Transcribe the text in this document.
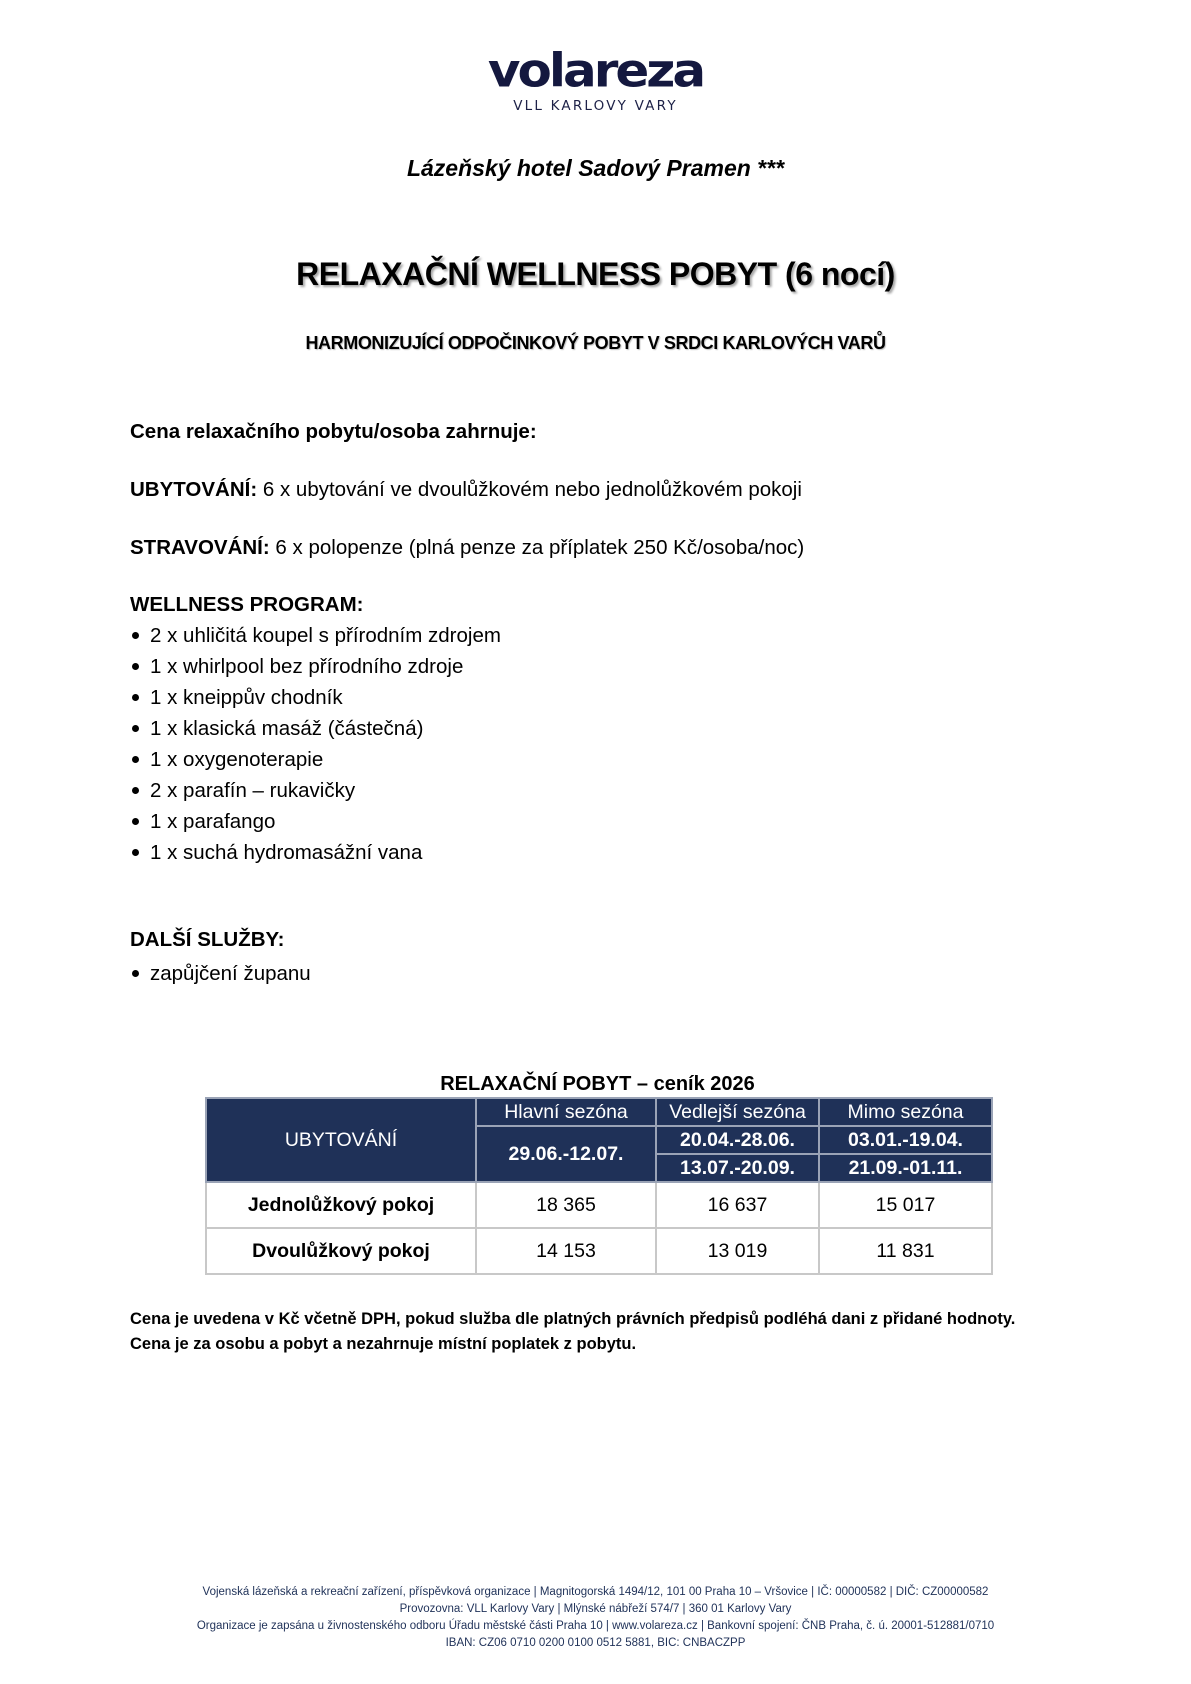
volareza
VLL KARLOVY VARY
Lázeňský hotel Sadový Pramen ***
RELAXAČNÍ WELLNESS POBYT (6 nocí)
HARMONIZUJÍCÍ ODPOČINKOVÝ POBYT V SRDCI KARLOVÝCH VARŮ
Cena relaxačního pobytu/osoba zahrnuje:
UBYTOVÁNÍ: 6 x ubytování ve dvoulůžkovém nebo jednolůžkovém pokoji
STRAVOVÁNÍ: 6 x polopenze (plná penze za příplatek 250 Kč/osoba/noc)
WELLNESS PROGRAM:
2 x uhličitá koupel s přírodním zdrojem
1 x whirlpool bez přírodního zdroje
1 x kneippův chodník
1 x klasická masáž (částečná)
1 x oxygenoterapie
2 x parafín – rukavičky
1 x parafango
1 x suchá hydromasážní vana
DALŠÍ SLUŽBY:
zapůjčení županu
RELAXAČNÍ POBYT – ceník 2026
UBYTOVÁNÍ	Hlavní sezóna	Vedlejší sezóna	Mimo sezóna
	29.06.-12.07.	20.04.-28.06.	03.01.-19.04.
		13.07.-20.09.	21.09.-01.11.
Jednolůžkový pokoj	18 365	16 637	15 017
Dvoulůžkový pokoj	14 153	13 019	11 831
Cena je uvedena v Kč včetně DPH, pokud služba dle platných právních předpisů podléhá dani z přidané hodnoty.
Cena je za osobu a pobyt a nezahrnuje místní poplatek z pobytu.
Vojenská lázeňská a rekreační zařízení, příspěvková organizace | Magnitogorská 1494/12, 101 00 Praha 10 – Vršovice | IČ: 00000582 | DIČ: CZ00000582
Provozovna: VLL Karlovy Vary | Mlýnské nábřeží 574/7 | 360 01 Karlovy Vary
Organizace je zapsána u živnostenského odboru Úřadu městské části Praha 10 | www.volareza.cz | Bankovní spojení: ČNB Praha, č. ú. 20001-512881/0710
IBAN: CZ06 0710 0200 0100 0512 5881, BIC: CNBACZPP
